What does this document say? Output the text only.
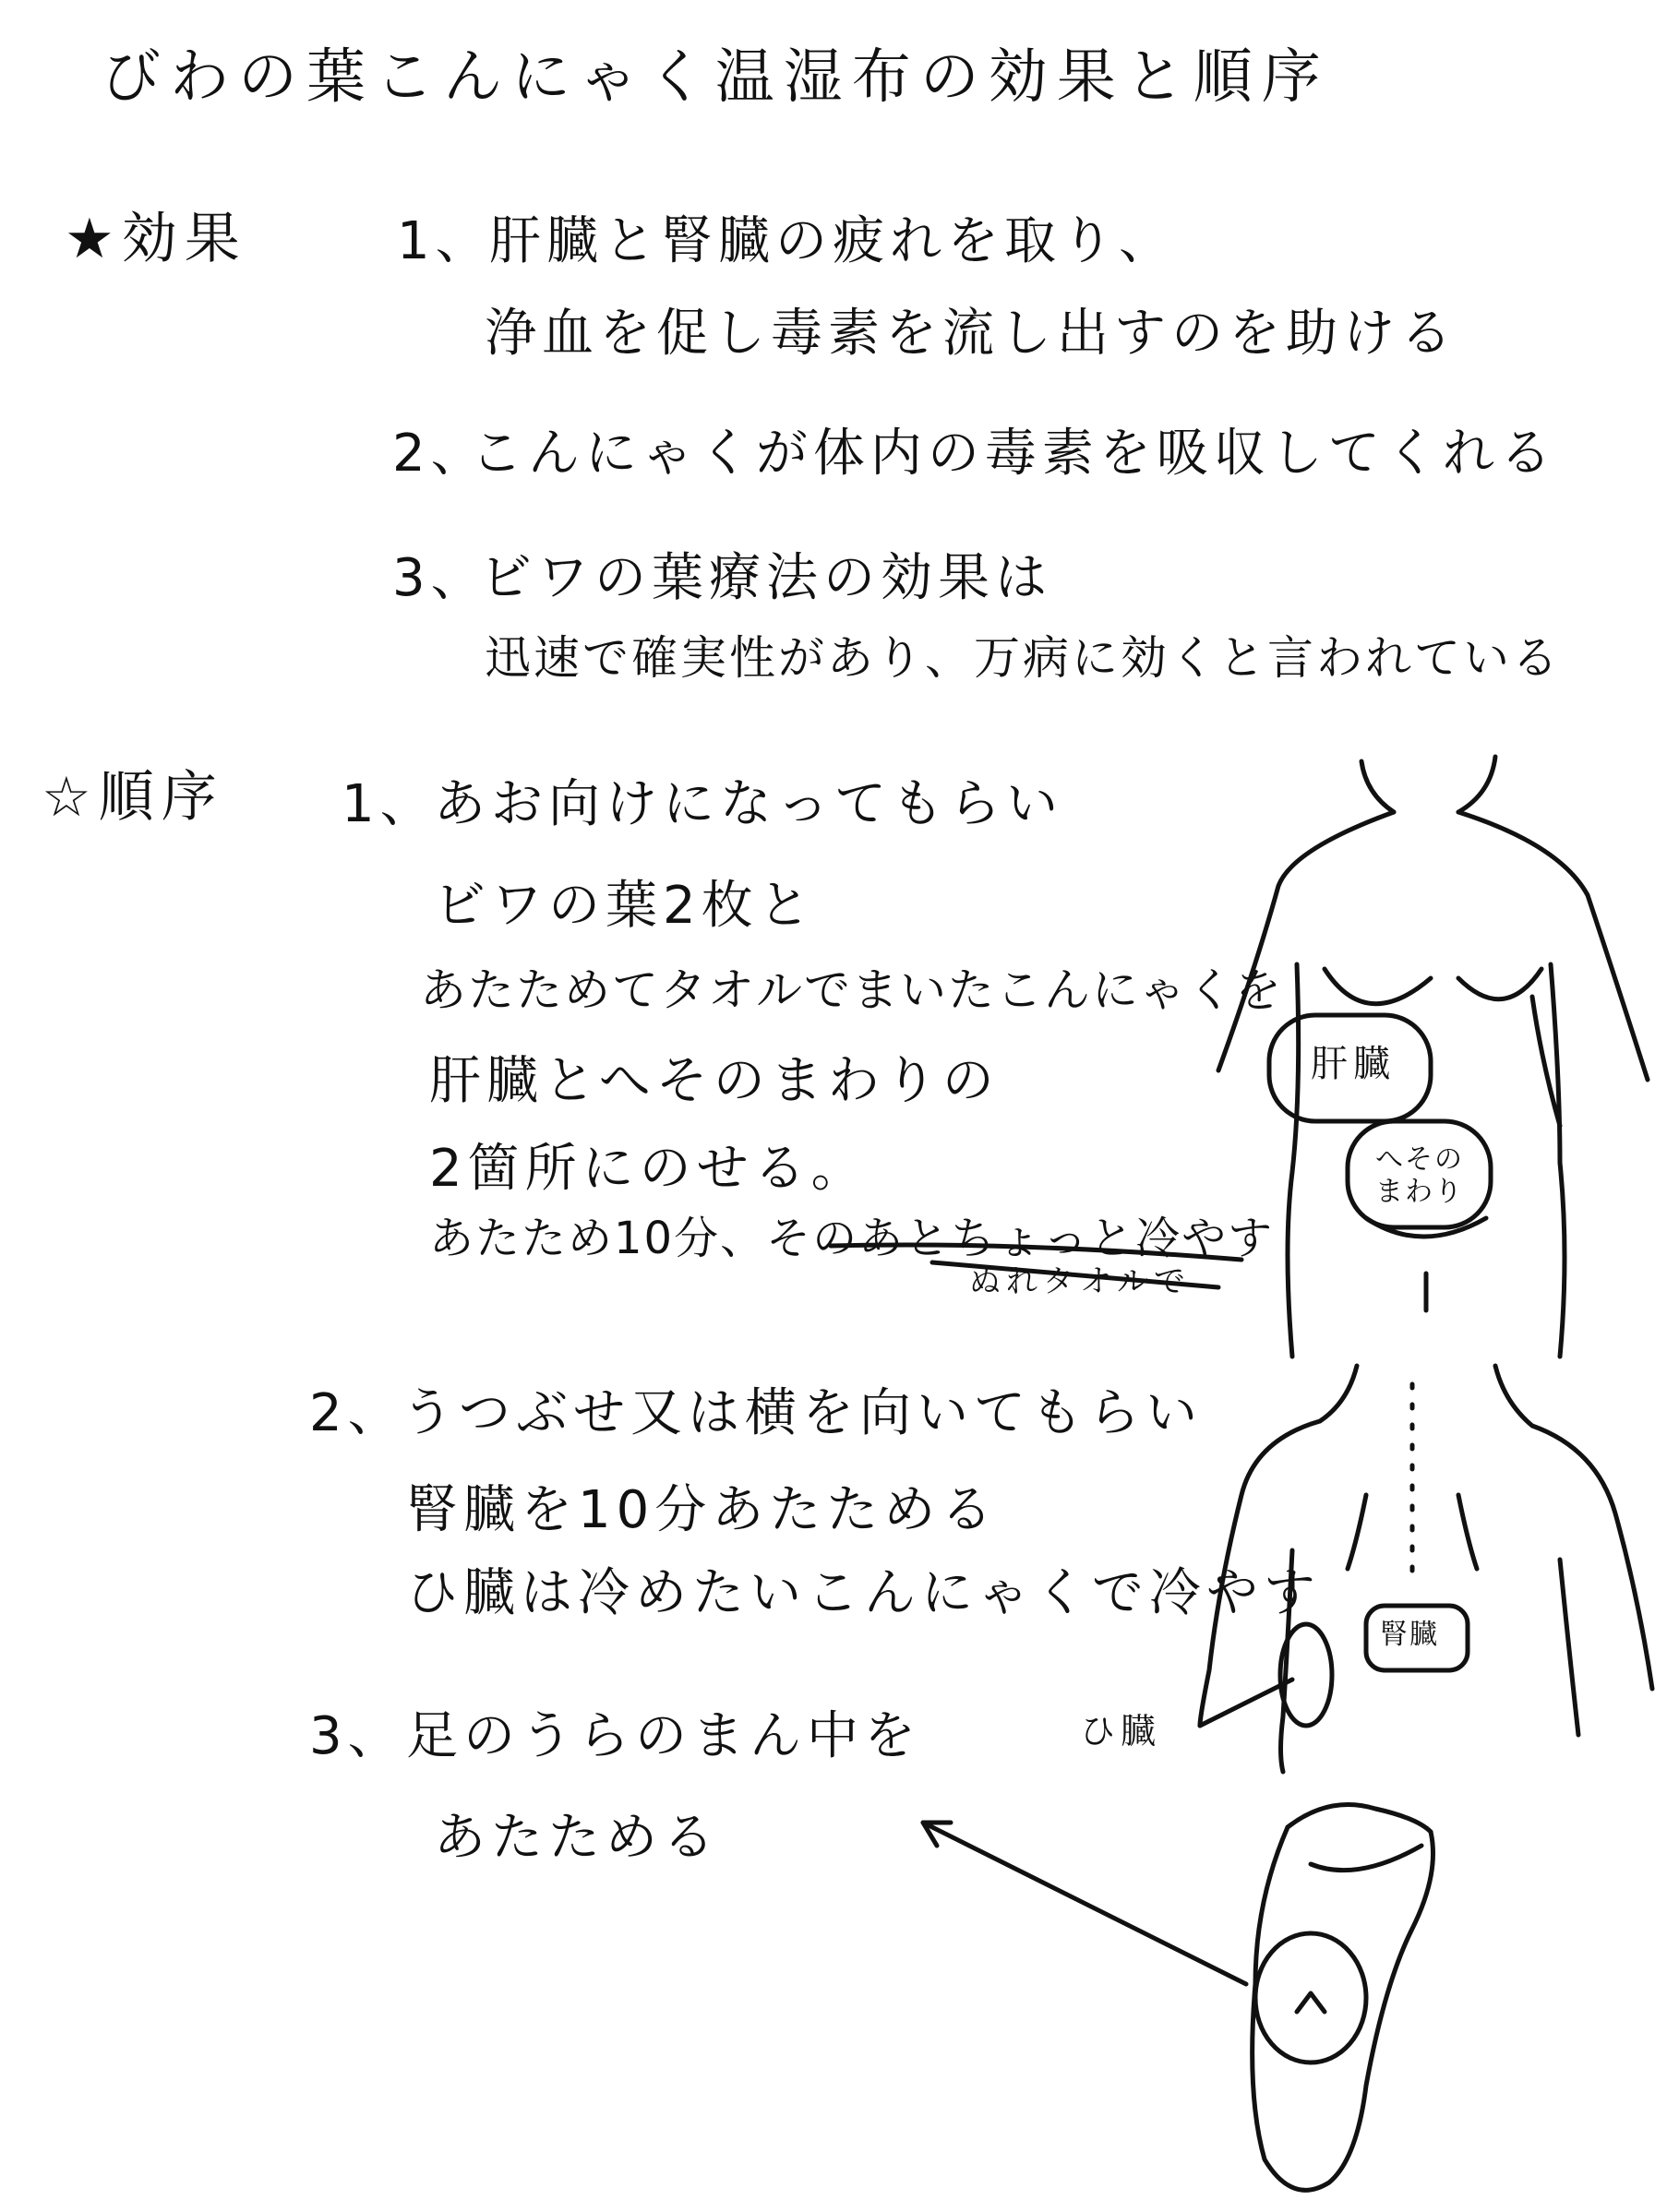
びわの葉こんにゃく温湿布の効果と順序
★効果	1、
肝臓と腎臓の疲れを取り、
浄血を促し毒素を流し出すのを助ける
2、
こんにゃくが体内の毒素を吸収してくれる
3、
ビワの葉療法の効果は
迅速で確実性があり、万病に効くと言われている
☆順序 1、
あお向けになってもらい
ビワの葉2枚と
あたためてタオルでまいたこんにゃくを
肝臓とへそのまわりの
2箇所にのせる。
あたため10分、そのあとちょっと冷やす
ぬれタオルで
2、
うつぶせ又は横を向いてもらい
腎臓を10分あたためる
ひ臓は冷めたいこんにゃくで冷やす
3、 足のうらのまん中を
あたためる
肝臓
へその
まわり
腎臓
ひ臓
